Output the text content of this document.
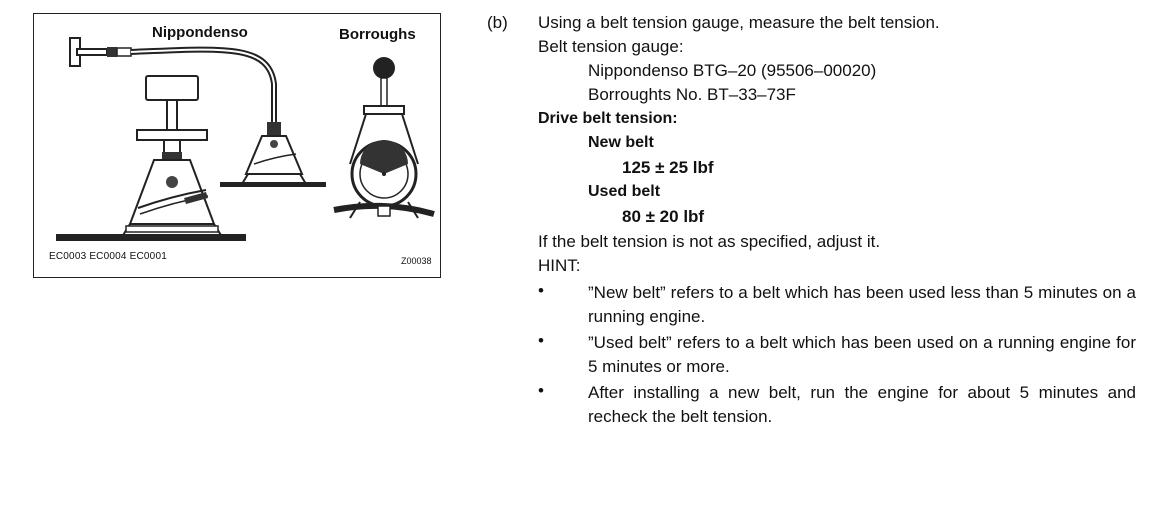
Nippondenso	Borroughs
EC0003 EC0004 EC0001	Z00038
(b) Using a belt tension gauge, measure the belt tension.
Belt tension gauge:
Nippondenso BTG–20 (95506–00020)
Borroughts No. BT–33–73F
Drive belt tension:
New belt
125 ± 25 lbf
Used belt
80 ± 20 lbf
If the belt tension is not as specified, adjust it.
HINT:
•	”New belt” refers to a belt which has been used less than 5 minutes on a running engine.
•	”Used belt” refers to a belt which has been used on a running engine for 5 minutes or more.
•	After installing a new belt, run the engine for about 5 minutes and recheck the belt tension.
